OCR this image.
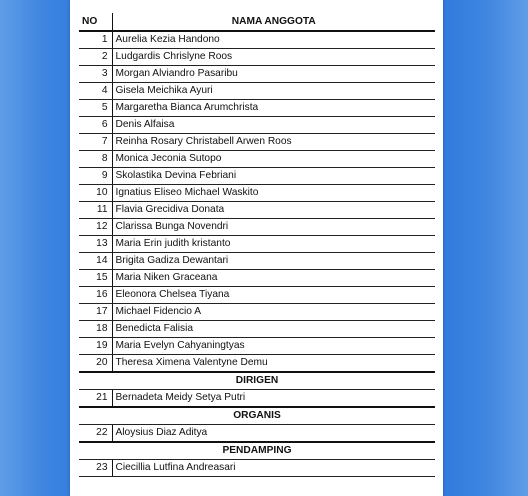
NO	NAMA ANGGOTA
1	Aurelia Kezia Handono
2	Ludgardis Chrislyne Roos
3	Morgan Alviandro Pasaribu
4	Gisela Meichika Ayuri
5	Margaretha Bianca Arumchrista
6	Denis Alfaisa
7	Reinha Rosary Christabell Arwen Roos
8	Monica Jeconia Sutopo
9	Skolastika Devina Febriani
10	Ignatius Eliseo Michael Waskito
11	Flavia Grecidiva Donata
12	Clarissa Bunga Novendri
13	Maria Erin judith kristanto
14	Brigita Gadiza Dewantari
15	Maria Niken Graceana
16	Eleonora Chelsea Tiyana
17	Michael Fidencio A
18	Benedicta Falisia
19	Maria Evelyn Cahyaningtyas
20	Theresa Ximena Valentyne Demu
DIRIGEN	
21	Bernadeta Meidy Setya Putri
ORGANIS	
22	Aloysius Diaz Aditya
PENDAMPING	
23	Ciecillia Lutfina Andreasari
